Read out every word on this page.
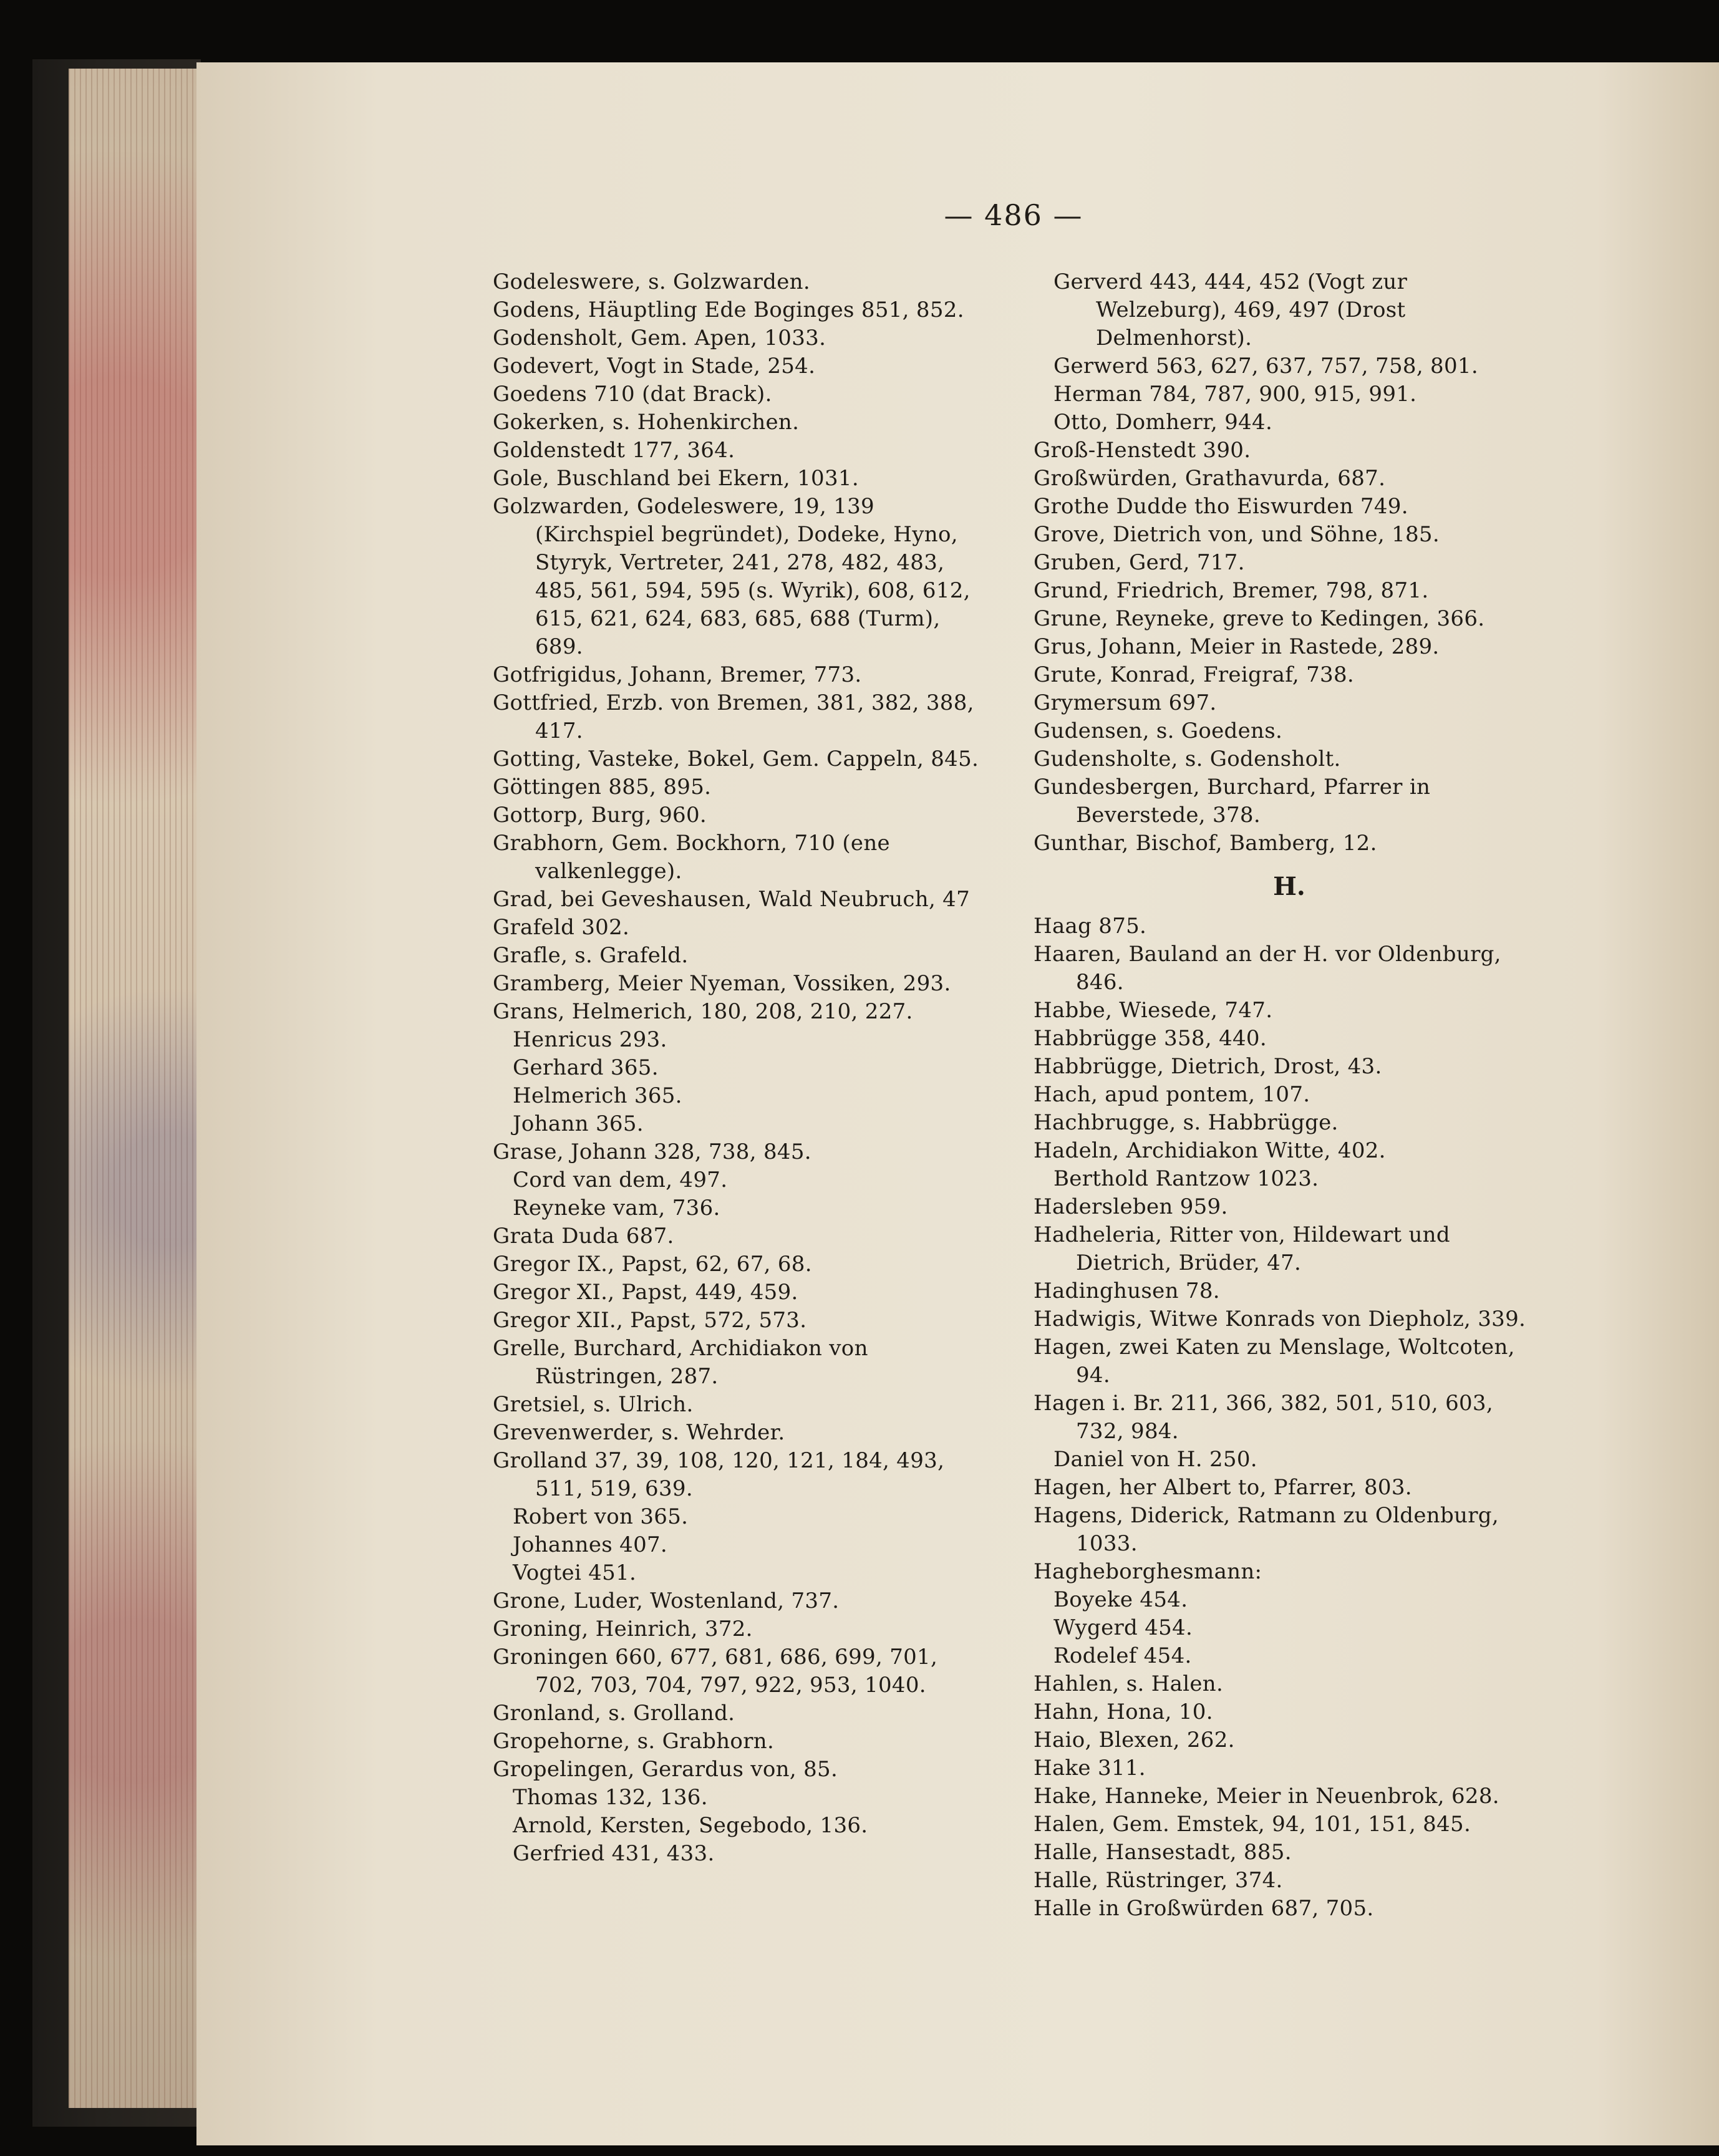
— 486 —

Godeleswere, s. Golzwarden.

Godens, Häuptling Ede Boginges 851, 852.

Godensholt, Gem. Apen, 1033.

Godevert, Vogt in Stade, 254.

Goedens 710 (dat Brack).

Gokerken, s. Hohenkirchen.

Goldenstedt 177, 364.

Gole, Buschland bei Ekern, 1031.

Golzwarden, Godeleswere, 19, 139 (Kirchspiel begründet), Dodeke, Hyno, Styryk, Vertreter, 241, 278, 482, 483, 485, 561, 594, 595 (s. Wyrik), 608, 612, 615, 621, 624, 683, 685, 688 (Turm), 689.

Gotfrigidus, Johann, Bremer, 773.

Gottfried, Erzb. von Bremen, 381, 382, 388, 417.

Gotting, Vasteke, Bokel, Gem. Cappeln, 845.

Göttingen 885, 895.

Gottorp, Burg, 960.

Grabhorn, Gem. Bockhorn, 710 (ene valkenlegge).

Grad, bei Geveshausen, Wald Neubruch, 47

Grafeld 302.

Grafle, s. Grafeld.

Gramberg, Meier Nyeman, Vossiken, 293.

Grans, Helmerich, 180, 208, 210, 227.

Henricus 293.

Gerhard 365.

Helmerich 365.

Johann 365.

Grase, Johann 328, 738, 845.

Cord van dem, 497.

Reyneke vam, 736.

Grata Duda 687.

Gregor IX., Papst, 62, 67, 68.

Gregor XI., Papst, 449, 459.

Gregor XII., Papst, 572, 573.

Grelle, Burchard, Archidiakon von Rüstringen, 287.

Gretsiel, s. Ulrich.

Grevenwerder, s. Wehrder.

Grolland 37, 39, 108, 120, 121, 184, 493, 511, 519, 639.

Robert von 365.

Johannes 407.

Vogtei 451.

Grone, Luder, Wostenland, 737.

Groning, Heinrich, 372.

Groningen 660, 677, 681, 686, 699, 701, 702, 703, 704, 797, 922, 953, 1040.

Gronland, s. Grolland.

Gropehorne, s. Grabhorn.

Gropelingen, Gerardus von, 85.

Thomas 132, 136.

Arnold, Kersten, Segebodo, 136.

Gerfried 431, 433.

Gerverd 443, 444, 452 (Vogt zur Welzeburg), 469, 497 (Drost Delmenhorst).

Gerwerd 563, 627, 637, 757, 758, 801.

Herman 784, 787, 900, 915, 991.

Otto, Domherr, 944.

Groß-Henstedt 390.

Großwürden, Grathavurda, 687.

Grothe Dudde tho Eiswurden 749.

Grove, Dietrich von, und Söhne, 185.

Gruben, Gerd, 717.

Grund, Friedrich, Bremer, 798, 871.

Grune, Reyneke, greve to Kedingen, 366.

Grus, Johann, Meier in Rastede, 289.

Grute, Konrad, Freigraf, 738.

Grymersum 697.

Gudensen, s. Goedens.

Gudensholte, s. Godensholt.

Gundesbergen, Burchard, Pfarrer in Beverstede, 378.

Gunthar, Bischof, Bamberg, 12.

H.

Haag 875.

Haaren, Bauland an der H. vor Oldenburg, 846.

Habbe, Wiesede, 747.

Habbrügge 358, 440.

Habbrügge, Dietrich, Drost, 43.

Hach, apud pontem, 107.

Hachbrugge, s. Habbrügge.

Hadeln, Archidiakon Witte, 402.

Berthold Rantzow 1023.

Hadersleben 959.

Hadheleria, Ritter von, Hildewart und Dietrich, Brüder, 47.

Hadinghusen 78.

Hadwigis, Witwe Konrads von Diepholz, 339.

Hagen, zwei Katen zu Menslage, Woltcoten, 94.

Hagen i. Br. 211, 366, 382, 501, 510, 603, 732, 984.

Daniel von H. 250.

Hagen, her Albert to, Pfarrer, 803.

Hagens, Diderick, Ratmann zu Oldenburg, 1033.

Hagheborghesmann:

Boyeke 454.

Wygerd 454.

Rodelef 454.

Hahlen, s. Halen.

Hahn, Hona, 10.

Haio, Blexen, 262.

Hake 311.

Hake, Hanneke, Meier in Neuenbrok, 628.

Halen, Gem. Emstek, 94, 101, 151, 845.

Halle, Hansestadt, 885.

Halle, Rüstringer, 374.

Halle in Großwürden 687, 705.
